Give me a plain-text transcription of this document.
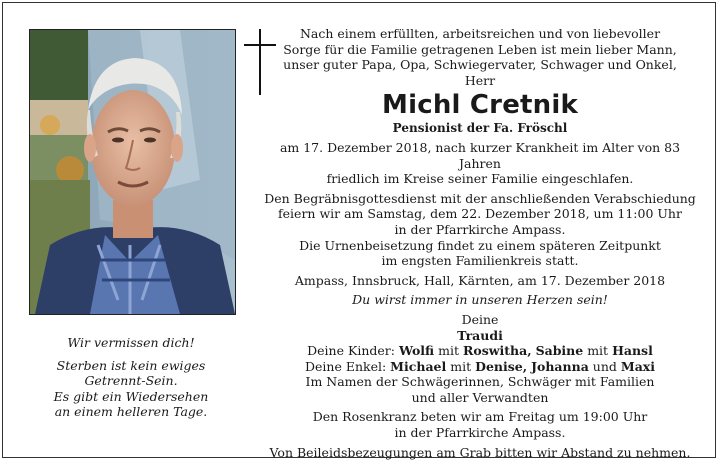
Wir vermissen dich!
Sterben ist kein ewiges
Getrennt-Sein.
Es gibt ein Wiedersehen
an einem helleren Tage.
Nach einem erfüllten, arbeitsreichen und von liebevoller
Sorge für die Familie getragenen Leben ist mein lieber Mann,
unser guter Papa, Opa, Schwiegervater, Schwager und Onkel,
Herr
Michl Cretnik
Pensionist der Fa. Fröschl
am 17. Dezember 2018, nach kurzer Krankheit im Alter von 83 Jahren
friedlich im Kreise seiner Familie eingeschlafen.
Den Begräbnisgottesdienst mit der anschließenden Verabschiedung
feiern wir am Samstag, dem 22. Dezember 2018, um 11:00 Uhr
in der Pfarrkirche Ampass.
Die Urnenbeisetzung findet zu einem späteren Zeitpunkt
im engsten Familienkreis statt.
Ampass, Innsbruck, Hall, Kärnten, am 17. Dezember 2018
Du wirst immer in unseren Herzen sein!
Deine
Traudi
Deine Kinder: Wolfi mit Roswitha, Sabine mit Hansl
Deine Enkel: Michael mit Denise, Johanna und Maxi
Im Namen der Schwägerinnen, Schwäger mit Familien
und aller Verwandten
Den Rosenkranz beten wir am Freitag um 19:00 Uhr
in der Pfarrkirche Ampass.
Von Beileidsbezeugungen am Grab bitten wir Abstand zu nehmen.
